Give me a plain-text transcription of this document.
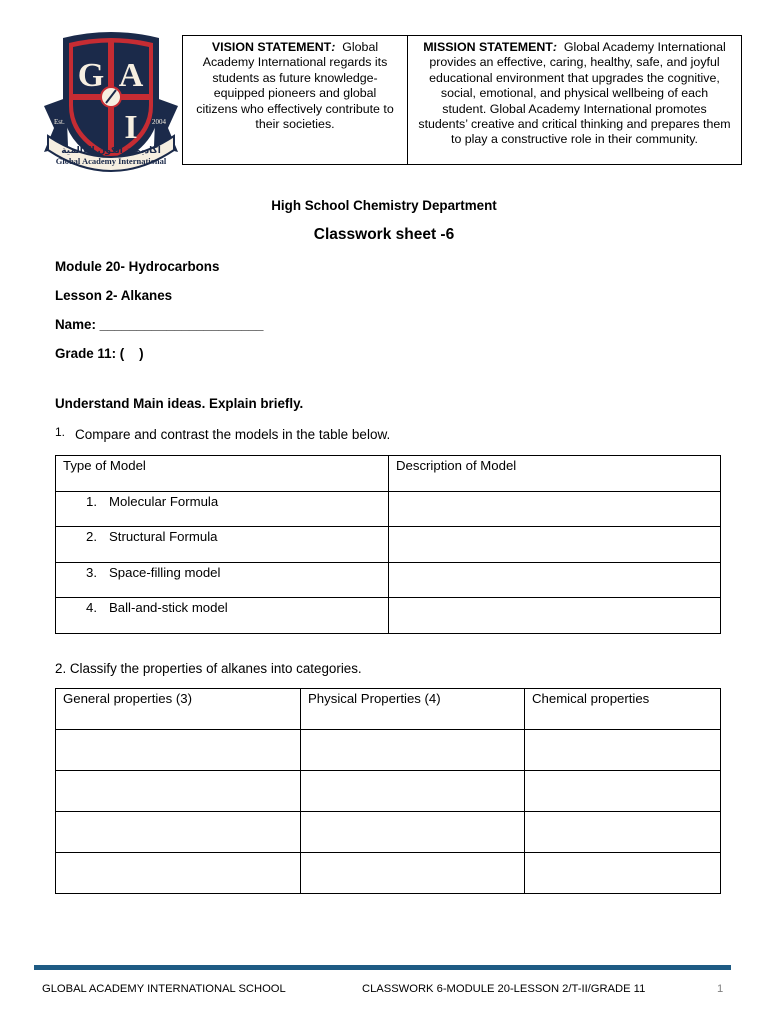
G A
I
Est.	2004
أكاديمية الكون العالمية
Global Academy International
VISION STATEMENT: Global Academy International regards its students as future knowledge-equipped pioneers and global citizens who effectively contribute to their societies.
MISSION STATEMENT: Global Academy International provides an effective, caring, healthy, safe, and joyful educational environment that upgrades the cognitive, social, emotional, and physical wellbeing of each student. Global Academy International promotes students’ creative and critical thinking and prepares them to play a constructive role in their community.
High School Chemistry Department
Classwork sheet -6
Module 20- Hydrocarbons
Lesson 2- Alkanes
Name: ______________________
Grade 11: (    )
Understand Main ideas. Explain briefly.
1. Compare and contrast the models in the table below.
Type of Model	Description of Model
1. Molecular Formula	
2. Structural Formula	
3. Space-filling model	
4. Ball-and-stick model	
2. Classify the properties of alkanes into categories.
General properties (3)	Physical Properties (4)	Chemical properties

GLOBAL ACADEMY INTERNATIONAL SCHOOL	CLASSWORK 6-MODULE 20-LESSON 2/T-II/GRADE 11	1
